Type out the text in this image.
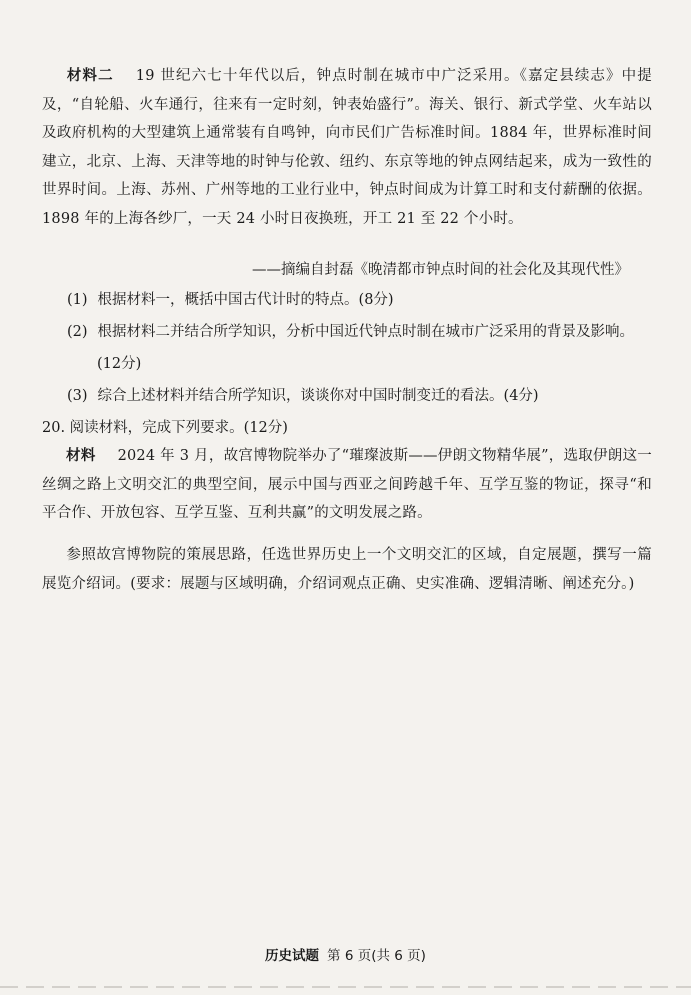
材料二 19 世纪六七十年代以后，钟点时制在城市中广泛采用。《嘉定县续志》中提及，“自轮船、火车通行，往来有一定时刻，钟表始盛行”。海关、银行、新式学堂、火车站以及政府机构的大型建筑上通常装有自鸣钟，向市民们广告标准时间。1884 年，世界标准时间建立，北京、上海、天津等地的时钟与伦敦、纽约、东京等地的钟点网结起来，成为一致性的世界时间。上海、苏州、广州等地的工业行业中，钟点时间成为计算工时和支付薪酬的依据。1898 年的上海各纱厂，一天 24 小时日夜换班，开工 21 至 22 个小时。
——摘编自封磊《晚清都市钟点时间的社会化及其现代性》
(1) 根据材料一，概括中国古代计时的特点。(8分)
(2) 根据材料二并结合所学知识，分析中国近代钟点时制在城市广泛采用的背景及影响。
(12分)
(3) 综合上述材料并结合所学知识，谈谈你对中国时制变迁的看法。(4分)
20. 阅读材料，完成下列要求。(12分)
材料 2024 年 3 月，故宫博物院举办了“璀璨波斯——伊朗文物精华展”，选取伊朗这一丝绸之路上文明交汇的典型空间，展示中国与西亚之间跨越千年、互学互鉴的物证，探寻“和平合作、开放包容、互学互鉴、互利共赢”的文明发展之路。
参照故宫博物院的策展思路，任选世界历史上一个文明交汇的区域，自定展题，撰写一篇展览介绍词。(要求：展题与区域明确，介绍词观点正确、史实准确、逻辑清晰、阐述充分。)
历史试题 第 6 页(共 6 页)
